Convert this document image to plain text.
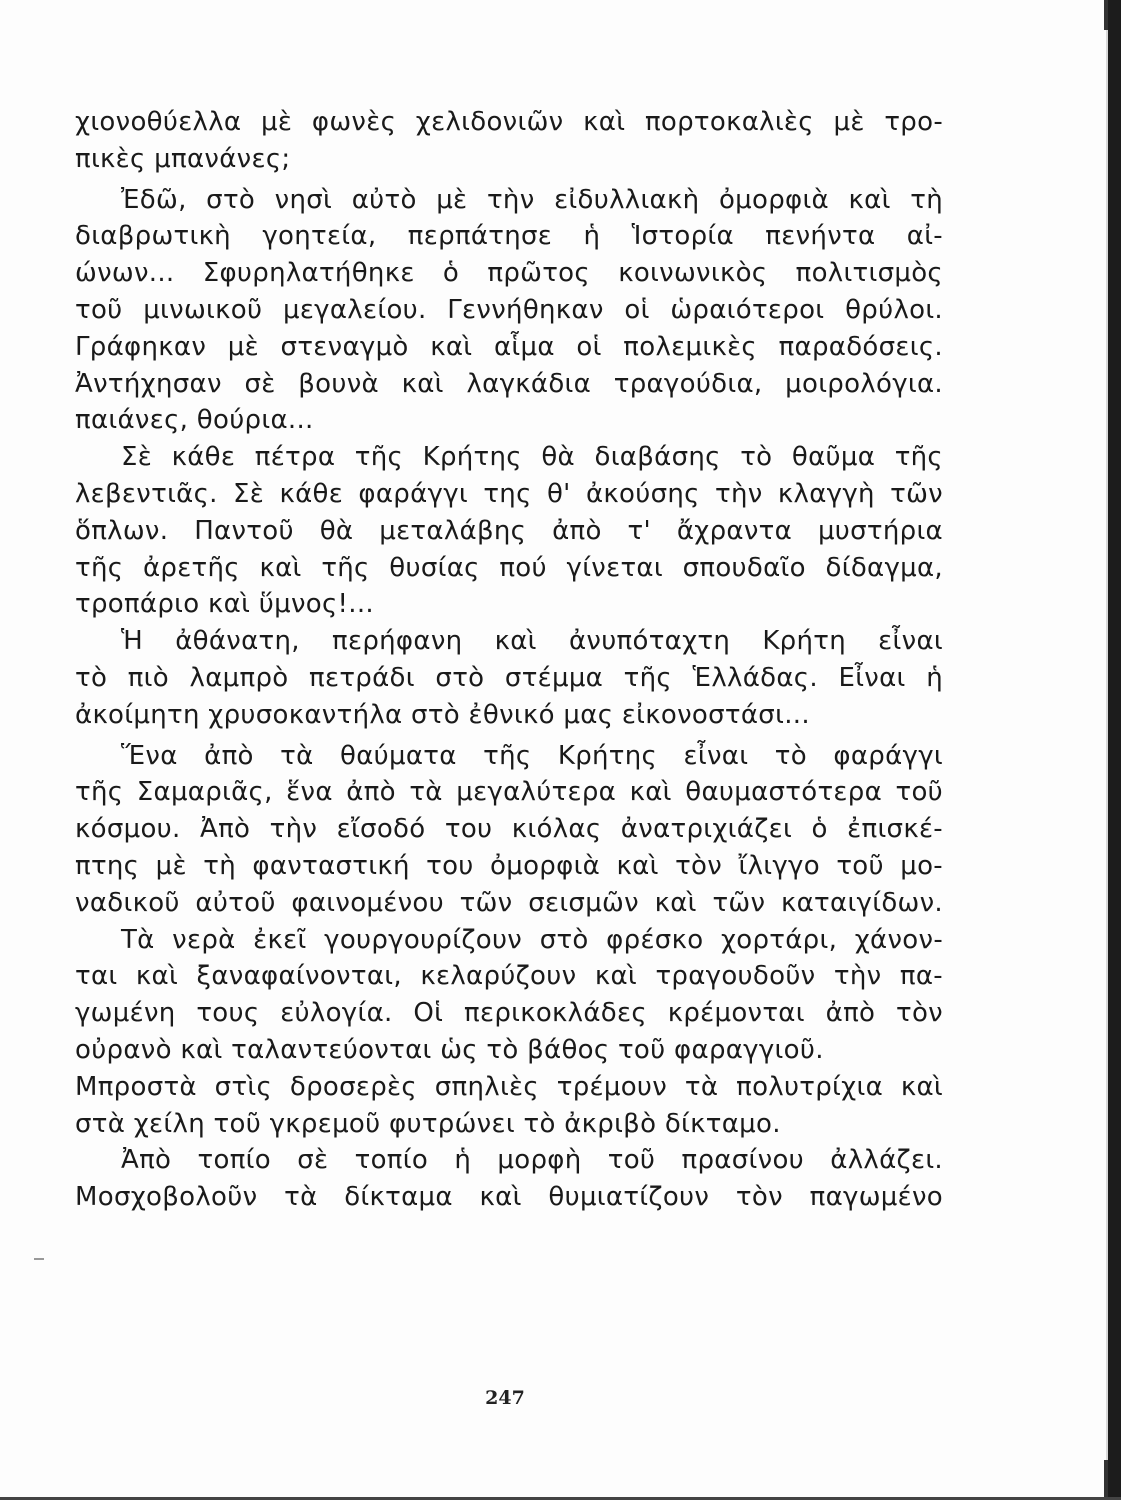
χιονοθύελλα μὲ φωνὲς χελιδονιῶν καὶ πορτοκαλιὲς μὲ τρο-
πικὲς μπανάνες;
Ἐδῶ, στὸ νησὶ αὐτὸ μὲ τὴν εἰδυλλιακὴ ὀμορφιὰ καὶ τὴ
διαβρωτικὴ γοητεία, περπάτησε ἡ Ἱστορία πενήντα αἰ-
ώνων... Σφυρηλατήθηκε ὁ πρῶτος κοινωνικὸς πολιτισμὸς
τοῦ μινωικοῦ μεγαλείου. Γεννήθηκαν οἱ ὡραιότεροι θρύλοι.
Γράφηκαν μὲ στεναγμὸ καὶ αἷμα οἱ πολεμικὲς παραδόσεις.
Ἀντήχησαν σὲ βουνὰ καὶ λαγκάδια τραγούδια, μοιρολόγια.
παιάνες, θούρια...
Σὲ κάθε πέτρα τῆς Κρήτης θὰ διαβάσης τὸ θαῦμα τῆς
λεβεντιᾶς. Σὲ κάθε φαράγγι της θ' ἀκούσης τὴν κλαγγὴ τῶν
ὅπλων. Παντοῦ θὰ μεταλάβης ἀπὸ τ' ἄχραντα μυστήρια
τῆς ἀρετῆς καὶ τῆς θυσίας πού γίνεται σπουδαῖο δίδαγμα,
τροπάριο καὶ ὕμνος!...
Ἡ ἀθάνατη, περήφανη καὶ ἀνυπόταχτη Κρήτη εἶναι
τὸ πιὸ λαμπρὸ πετράδι στὸ στέμμα τῆς Ἑλλάδας. Εἶναι ἡ
ἀκοίμητη χρυσοκαντήλα στὸ ἐθνικό μας εἰκονοστάσι...
Ἕνα ἀπὸ τὰ θαύματα τῆς Κρήτης εἶναι τὸ φαράγγι
τῆς Σαμαριᾶς, ἕνα ἀπὸ τὰ μεγαλύτερα καὶ θαυμαστότερα τοῦ
κόσμου. Ἀπὸ τὴν εἴσοδό του κιόλας ἀνατριχιάζει ὁ ἐπισκέ-
πτης μὲ τὴ φανταστική του ὀμορφιὰ καὶ τὸν ἴλιγγο τοῦ μο-
ναδικοῦ αὐτοῦ φαινομένου τῶν σεισμῶν καὶ τῶν καταιγίδων.
Τὰ νερὰ ἐκεῖ γουργουρίζουν στὸ φρέσκο χορτάρι, χάνον-
ται καὶ ξαναφαίνονται, κελαρύζουν καὶ τραγουδοῦν τὴν πα-
γωμένη τους εὐλογία. Οἱ περικοκλάδες κρέμονται ἀπὸ τὸν
οὐρανὸ καὶ ταλαντεύονται ὡς τὸ βάθος τοῦ φαραγγιοῦ.
Μπροστὰ στὶς δροσερὲς σπηλιὲς τρέμουν τὰ πολυτρίχια καὶ
στὰ χείλη τοῦ γκρεμοῦ φυτρώνει τὸ ἀκριβὸ δίκταμο.
Ἀπὸ τοπίο σὲ τοπίο ἡ μορφὴ τοῦ πρασίνου ἀλλάζει.
Μοσχοβολοῦν τὰ δίκταμα καὶ θυμιατίζουν τὸν παγωμένο
247
